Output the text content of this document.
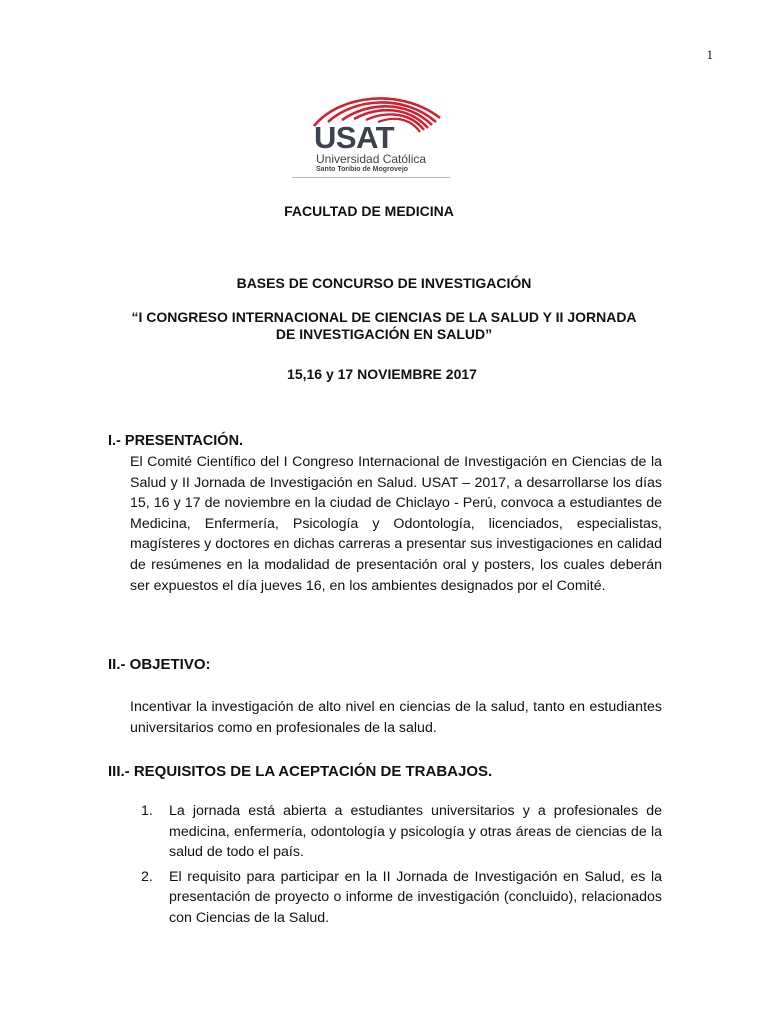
1
USAT
Universidad Católica
Santo Toribio de Mogrovejo
FACULTAD DE MEDICINA
BASES DE CONCURSO DE INVESTIGACIÓN
“I CONGRESO INTERNACIONAL DE CIENCIAS DE LA SALUD Y II JORNADA
DE INVESTIGACIÓN EN SALUD”
15,16 y 17 NOVIEMBRE 2017
I.- PRESENTACIÓN.
El Comité Científico del I Congreso Internacional de Investigación en Ciencias de la Salud y II Jornada de Investigación en Salud. USAT – 2017, a desarrollarse los días 15, 16 y 17 de noviembre en la ciudad de Chiclayo - Perú, convoca a estudiantes de Medicina, Enfermería, Psicología y Odontología, licenciados, especialistas, magísteres y doctores en dichas carreras a presentar sus investigaciones en calidad de resúmenes en la modalidad de presentación oral y posters, los cuales deberán ser expuestos el día jueves 16, en los ambientes designados por el Comité.
II.- OBJETIVO:
Incentivar la investigación de alto nivel en ciencias de la salud, tanto en estudiantes universitarios como en profesionales de la salud.
III.- REQUISITOS DE LA ACEPTACIÓN DE TRABAJOS.
1. La jornada está abierta a estudiantes universitarios y a profesionales de medicina, enfermería, odontología y psicología y otras áreas de ciencias de la salud de todo el país.
2. El requisito para participar en la II Jornada de Investigación en Salud, es la presentación de proyecto o informe de investigación (concluido), relacionados con Ciencias de la Salud.
